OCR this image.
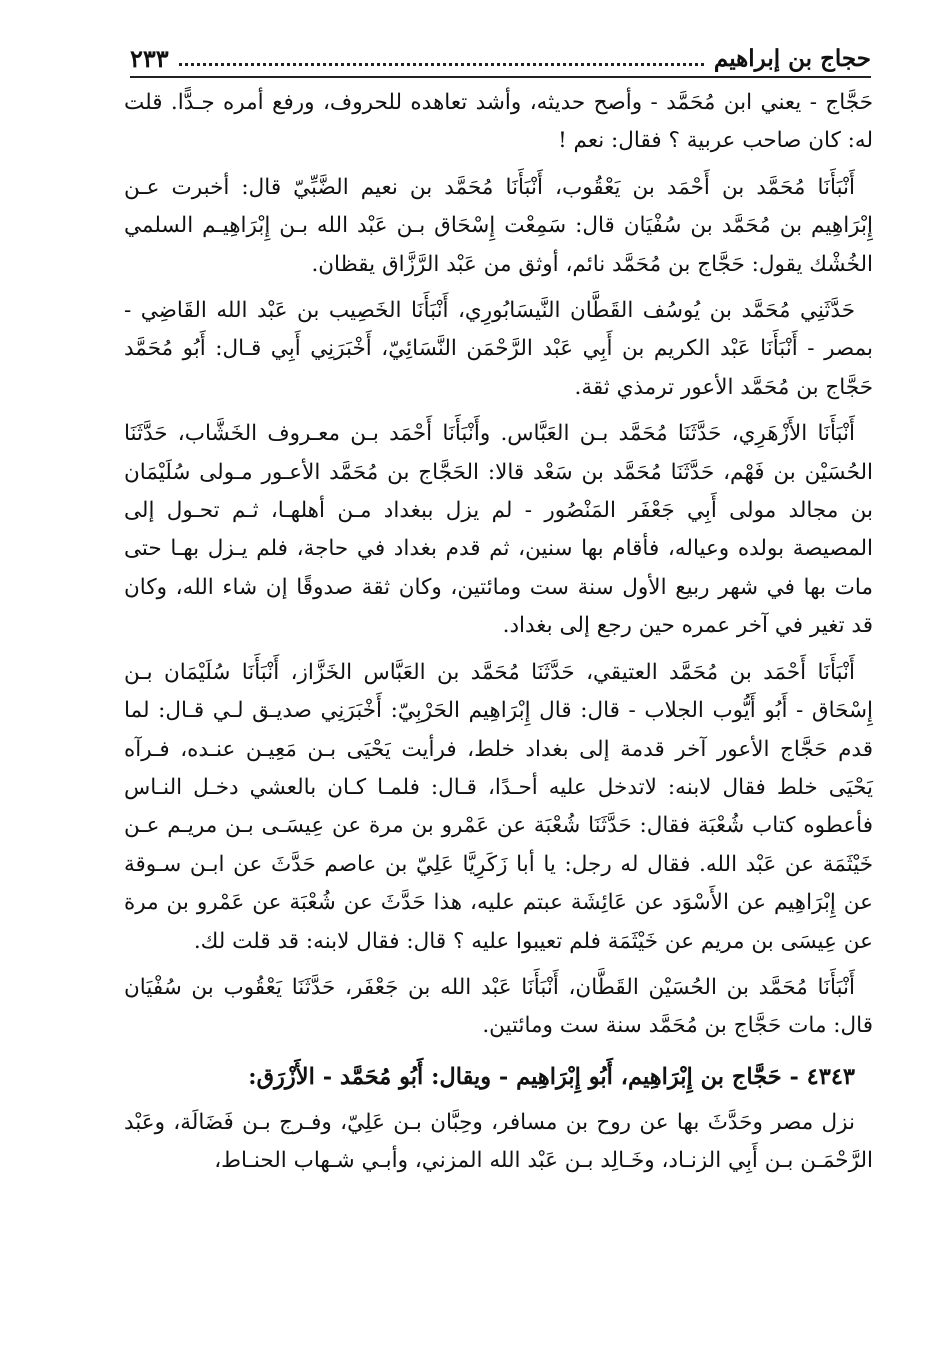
حجاج بن إبراهيم
٢٣٣

حَجَّاج - يعني ابن مُحَمَّد - وأصح حديثه، وأشد تعاهده للحروف، ورفع أمره جـدًّا. قلت له: كان صاحب عربية ؟ فقال: نعم !

أَنْبَأَنَا مُحَمَّد بن أَحْمَد بن يَعْقُوب، أَنْبَأَنَا مُحَمَّد بن نعيم الضَّبِّيّ قال: أخبرت عـن إِبْرَاهِيم بن مُحَمَّد بن سُفْيَان قال: سَمِعْت إِسْحَاق بـن عَبْد الله بـن إِبْرَاهِيـم السلمي الخُشْك يقول: حَجَّاج بن مُحَمَّد نائم، أوثق من عَبْد الرَّزَّاق يقظان.

حَدَّثَنِي مُحَمَّد بن يُوسُف القَطَّان النَّيسَابُورِي، أَنْبَأَنَا الخَصِيب بن عَبْد الله القَاضِي - بمصر - أَنْبَأَنَا عَبْد الكريم بن أَبِي عَبْد الرَّحْمَن النَّسَائِيّ، أَخْبَرَنِي أَبِي قـال: أَبُو مُحَمَّد حَجَّاج بن مُحَمَّد الأعور ترمذي ثقة.

أَنْبَأَنَا الأَزْهَرِي، حَدَّثَنَا مُحَمَّد بـن العَبَّاس. وأَنْبَأَنَا أَحْمَد بـن معـروف الخَشَّاب، حَدَّثَنَا الحُسَيْن بن فَهْم، حَدَّثَنَا مُحَمَّد بن سَعْد قالا: الحَجَّاج بن مُحَمَّد الأعـور مـولى سُلَيْمَان بن مجالد مولى أَبِي جَعْفَر المَنْصُور - لم يزل ببغداد مـن أهلهـا، ثـم تحـول إلى المصيصة بولده وعياله، فأقام بها سنين، ثم قدم بغداد في حاجة، فلم يـزل بهـا حتى مات بها في شهر ربيع الأول سنة ست ومائتين، وكان ثقة صدوقًا إن شاء الله، وكان قد تغير في آخر عمره حين رجع إلى بغداد.

أَنْبَأَنَا أَحْمَد بن مُحَمَّد العتيقي، حَدَّثَنَا مُحَمَّد بن العَبَّاس الخَزَّاز، أَنْبَأَنَا سُلَيْمَان بـن إِسْحَاق - أَبُو أَيُّوب الجلاب - قال: قال إِبْرَاهِيم الحَرْبِيّ: أَخْبَرَنِي صديـق لـي قـال: لما قدم حَجَّاج الأعور آخر قدمة إلى بغداد خلط، فرأيت يَحْيَى بـن مَعِيـن عنـده، فـرآه يَحْيَى خلط فقال لابنه: لاتدخل عليه أحـدًا، قـال: فلمـا كـان بالعشي دخـل النـاس فأعطوه كتاب شُعْبَة فقال: حَدَّثَنَا شُعْبَة عن عَمْرو بن مرة عن عِيسَـى بـن مريـم عـن خَيْثَمَة عن عَبْد الله. فقال له رجل: يا أبا زَكَرِيَّا عَلِيّ بن عاصم حَدَّثَ عن ابـن سـوقة عن إِبْرَاهِيم عن الأَسْوَد عن عَائِشَة عبتم عليه، هذا حَدَّثَ عن شُعْبَة عن عَمْرو بن مرة عن عِيسَى بن مريم عن خَيْثَمَة فلم تعيبوا عليه ؟ قال: فقال لابنه: قد قلت لك.

أَنْبَأَنَا مُحَمَّد بن الحُسَيْن القَطَّان، أَنْبَأَنَا عَبْد الله بن جَعْفَر، حَدَّثَنَا يَعْقُوب بن سُفْيَان قال: مات حَجَّاج بن مُحَمَّد سنة ست ومائتين.

٤٣٤٣ - حَجَّاج بن إِبْرَاهِيم، أَبُو إِبْرَاهِيم - ويقال: أَبُو مُحَمَّد - الأَزْرَق:

نزل مصر وحَدَّثَ بها عن روح بن مسافر، وحِبَّان بـن عَلِيّ، وفـرج بـن فَضَالَة، وعَبْد الرَّحْمَـن بـن أَبِي الزنـاد، وخَـالِد بـن عَبْد الله المزني، وأبـي شـهاب الحنـاط،
